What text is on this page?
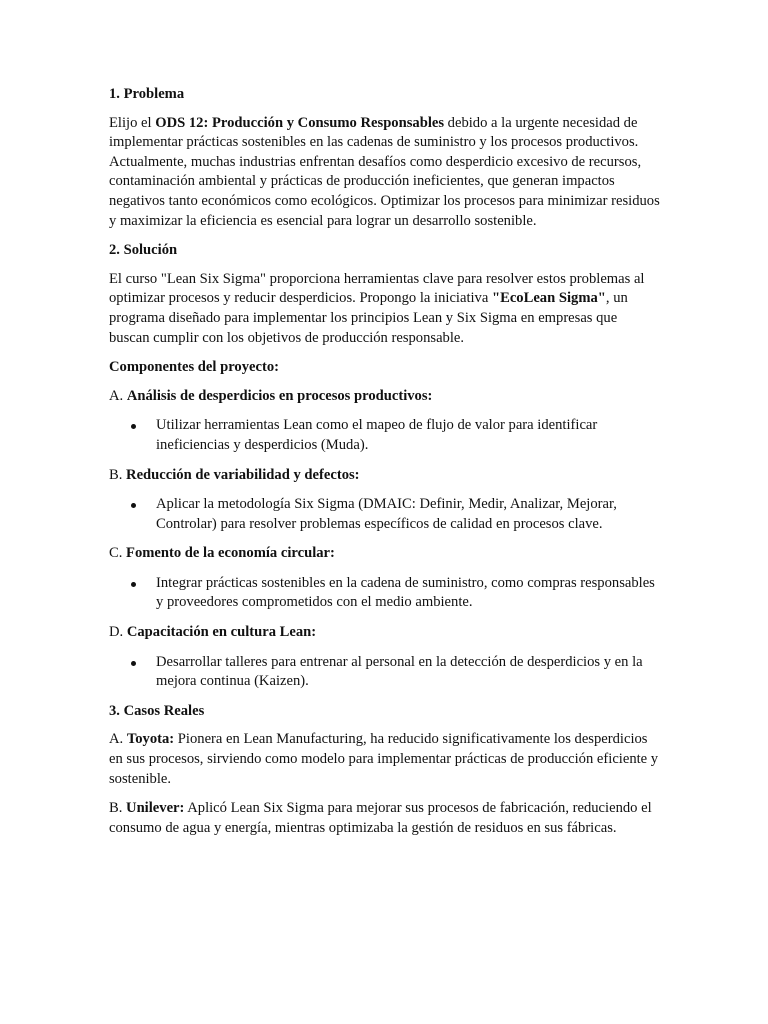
1. Problema

Elijo el ODS 12: Producción y Consumo Responsables debido a la urgente necesidad de implementar prácticas sostenibles en las cadenas de suministro y los procesos productivos. Actualmente, muchas industrias enfrentan desafíos como desperdicio excesivo de recursos, contaminación ambiental y prácticas de producción ineficientes, que generan impactos negativos tanto económicos como ecológicos. Optimizar los procesos para minimizar residuos y maximizar la eficiencia es esencial para lograr un desarrollo sostenible.

2. Solución

El curso "Lean Six Sigma" proporciona herramientas clave para resolver estos problemas al optimizar procesos y reducir desperdicios. Propongo la iniciativa "EcoLean Sigma", un programa diseñado para implementar los principios Lean y Six Sigma en empresas que buscan cumplir con los objetivos de producción responsable.

Componentes del proyecto:

A. Análisis de desperdicios en procesos productivos:

Utilizar herramientas Lean como el mapeo de flujo de valor para identificar ineficiencias y desperdicios (Muda).

B. Reducción de variabilidad y defectos:

Aplicar la metodología Six Sigma (DMAIC: Definir, Medir, Analizar, Mejorar, Controlar) para resolver problemas específicos de calidad en procesos clave.

C. Fomento de la economía circular:

Integrar prácticas sostenibles en la cadena de suministro, como compras responsables y proveedores comprometidos con el medio ambiente.

D. Capacitación en cultura Lean:

Desarrollar talleres para entrenar al personal en la detección de desperdicios y en la mejora continua (Kaizen).

3. Casos Reales

A. Toyota: Pionera en Lean Manufacturing, ha reducido significativamente los desperdicios en sus procesos, sirviendo como modelo para implementar prácticas de producción eficiente y sostenible.

B. Unilever: Aplicó Lean Six Sigma para mejorar sus procesos de fabricación, reduciendo el consumo de agua y energía, mientras optimizaba la gestión de residuos en sus fábricas.
